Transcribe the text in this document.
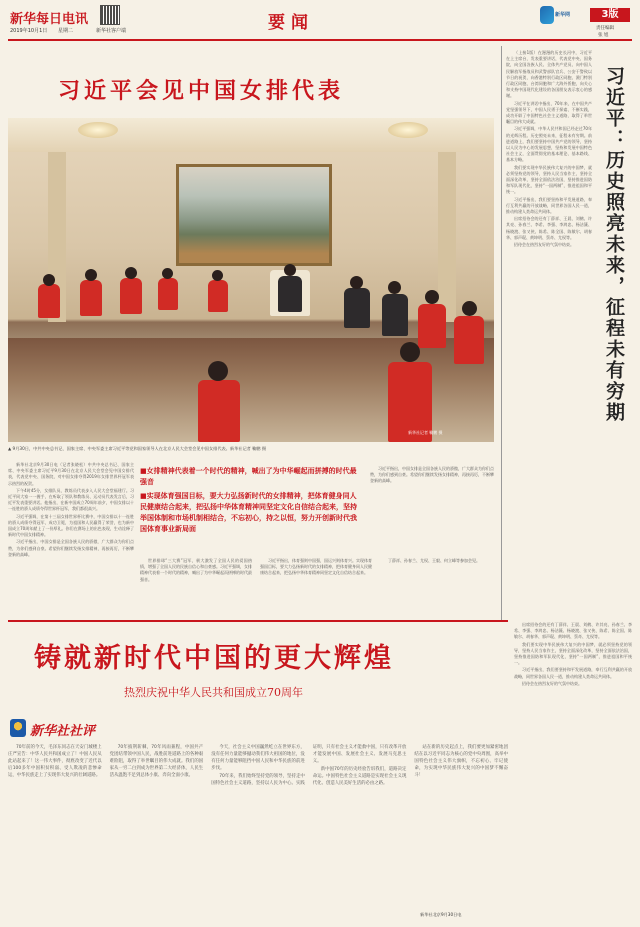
新华每日电讯
2019年10月1日 星期二	新华社客户端	要闻	新华网	3版
责任编辑
张 旭
习近平会见中国女排代表
新华社记者 鞠鹏 摄
▲ 9月30日，中共中央总书记、国家主席、中央军委主席习近平等党和国家领导人在北京人民大会堂会见中国女排代表。新华社记者 鞠鹏 摄

新华社北京9月30日电（记者张晓松）中共中央总书记、国家主席、中央军委主席习近平9月30日在北京人民大会堂会见中国女排代表，代表党中央、国务院，对中国女排夺得2019年女排世界杯冠军表示热烈的祝贺。

下午4时45分，女排队员、教练员代表步入人民大会堂福建厅。习近平同大家一一握手，在听取了领队和教练员、运动员代表发言后，习近平发表重要讲话。他指出，在新中国成立70周年前夕，中国女排以十一连胜的骄人成绩夺得世界杯冠军，我们都很高兴。

习近平强调，在第十三届女排世界杯比赛中，中国女排以十一连胜的骄人成绩夺得冠军，成功卫冕，为祖国和人民赢得了荣誉，也为新中国成立70周年献上了一份厚礼。你们在赛场上的出色表现，生动诠释了新时代中国女排精神。

习近平指出，中国女排是全国各族人民的骄傲，广大群众为你们点赞，为你们感到自豪。希望你们继续发扬女排精神，再接再厉，不断攀登新的高峰。

■女排精神代表着一个时代的精神，喊出了为中华崛起而拼搏的时代最强音
■实现体育强国目标，要大力弘扬新时代的女排精神，把体育健身同人民健康结合起来，把弘扬中华体育精神同坚定文化自信结合起来，坚持举国体制和市场机制相结合，不忘初心，持之以恒，努力开创新时代我国体育事业新局面

世界排球“三大赛”冠军，极大激发了全国人民的爱国热情，增强了全国人民的民族自信心和自豪感。习近平强调，女排精神代表着一个时代的精神，喊出了为中华崛起而拼搏的时代最强音。

习近平指出，体育强则中国强，国运兴则体育兴。实现体育强国目标，要大力弘扬新时代的女排精神，把体育健身同人民健康结合起来，把弘扬中华体育精神同坚定文化自信结合起来。

丁薛祥、孙春兰、尤权、王毅、何立峰等参加会见。

习近平指出，中国女排是全国各族人民的骄傲，广大群众为你们点赞，为你们感到自豪。希望你们继续发扬女排精神，再接再厉，不断攀登新的高峰。

（上接1版）在漫漫的历史长河中，习近平在上主席台，发表重要讲话，代表党中央、国务院，向全国各族人民、全体共产党员、向中国人民解放军指战员和武警部队官兵、公安干警致以节日的祝贺，向香港特别行政区同胞、澳门特别行政区同胞、台湾同胞和广大海外侨胞，向关心和支持中国现代化建设的各国朋友表示衷心的感谢。

习近平在讲话中指出，70年来，在中国共产党坚强领导下，中国人民勇于探索、不断实践，成功开辟了中国特色社会主义道路，取得了举世瞩目的伟大成就。

习近平强调，中华人民共和国已经走过70年的光辉历程。历史照亮未来，征程未有穷期。前进道路上，我们要坚持中国共产党的领导，坚持以人民为中心的发展思想，坚持和发展中国特色社会主义，全面贯彻党的基本理论、基本路线、基本方略。

我们要实现中华民族伟大复兴的中国梦，就必须坚持党的领导，坚持人民当家作主，坚持全面深化改革，坚持全面依法治国，坚持推进国防和军队现代化，坚持“一国两制”，推进祖国和平统一。

习近平指出，我们要坚持和平发展道路，奉行互利共赢的开放战略，同世界各国人民一道，推动构建人类命运共同体。

出席招待会的还有丁薛祥、王晨、刘鹤、许其亮、孙春兰、李希、李强、李鸿忠、杨洁篪、杨晓渡、张又侠、陈希、陈全国、陈敏尔、胡春华、郭声琨、黄坤明、蔡奇、尤权等。

招待会在热烈友好的气氛中结束。	习近平：历史照亮未来，征程未有穷期
铸就新时代中国的更大辉煌
热烈庆祝中华人民共和国成立70周年
新华社社评

70年前的今天，毛泽东同志在天安门城楼上庄严宣告：中华人民共和国成立了！中国人民从此站起来了！这一伟大事件，彻底改变了近代以后100多年中国积贫积弱、受人欺凌的悲惨命运，中华民族走上了实现伟大复兴的壮阔道路。

70年披荆斩棘，70年风雨兼程，中国共产党团结带领中国人民，战胜前进道路上的各种艰难险阻，取得了举世瞩目的伟大成就。我们的国家从一穷二白到成为世界第二大经济体，人民生活从温饱不足到总体小康、奔向全面小康。

今天，社会主义中国巍然屹立在世界东方，没有任何力量能够撼动我们伟大祖国的地位，没有任何力量能够阻挡中国人民和中华民族的前进步伐。

70年来，我们始终坚持党的领导，坚持走中国特色社会主义道路，坚持以人民为中心。实践证明，只有社会主义才能救中国，只有改革开放才能发展中国、发展社会主义、发展马克思主义。

新中国70年的历史经验告诉我们，道路决定命运。中国特色社会主义道路是实现社会主义现代化、创造人民美好生活的必由之路。

站在新的历史起点上，我们要更加紧密地团结在以习近平同志为核心的党中央周围，高举中国特色社会主义伟大旗帜，不忘初心、牢记使命，为实现中华民族伟大复兴的中国梦不懈奋斗！

新华社北京9月30日电

出席招待会的还有丁薛祥、王晨、刘鹤、许其亮、孙春兰、李希、李强、李鸿忠、杨洁篪、杨晓渡、张又侠、陈希、陈全国、陈敏尔、胡春华、郭声琨、黄坤明、蔡奇、尤权等。

我们要实现中华民族伟大复兴的中国梦，就必须坚持党的领导，坚持人民当家作主，坚持全面深化改革，坚持全面依法治国，坚持推进国防和军队现代化，坚持“一国两制”，推进祖国和平统一。

习近平指出，我们要坚持和平发展道路，奉行互利共赢的开放战略，同世界各国人民一道，推动构建人类命运共同体。

招待会在热烈友好的气氛中结束。
